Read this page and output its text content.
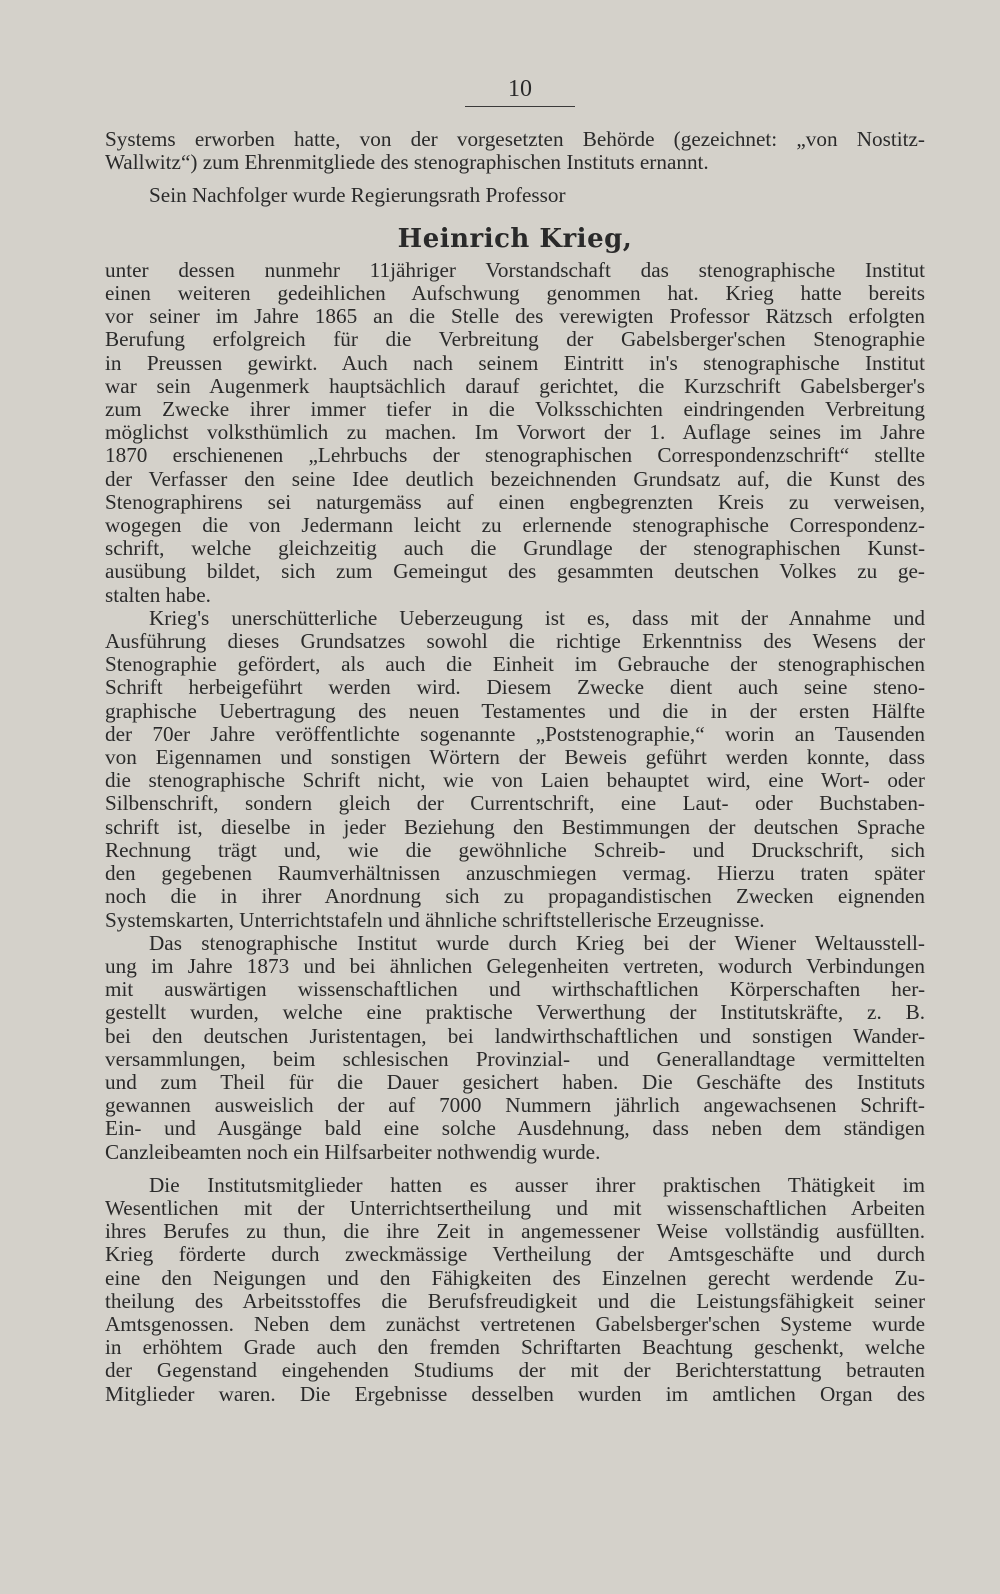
10

Systems erworben hatte, von der vorgesetzten Behörde (gezeichnet: „von Nostitz-
Wallwitz“) zum Ehrenmitgliede des stenographischen Instituts ernannt.

Sein Nachfolger wurde Regierungsrath Professor

Heinrich Krieg,

unter dessen nunmehr 11jähriger Vorstandschaft das stenographische Institut
einen weiteren gedeihlichen Aufschwung genommen hat. Krieg hatte bereits
vor seiner im Jahre 1865 an die Stelle des verewigten Professor Rätzsch erfolgten
Berufung erfolgreich für die Verbreitung der Gabelsberger'schen Stenographie
in Preussen gewirkt. Auch nach seinem Eintritt in's stenographische Institut
war sein Augenmerk hauptsächlich darauf gerichtet, die Kurzschrift Gabelsberger's
zum Zwecke ihrer immer tiefer in die Volksschichten eindringenden Verbreitung
möglichst volksthümlich zu machen. Im Vorwort der 1. Auflage seines im Jahre
1870 erschienenen „Lehrbuchs der stenographischen Correspondenzschrift“ stellte
der Verfasser den seine Idee deutlich bezeichnenden Grundsatz auf, die Kunst des
Stenographirens sei naturgemäss auf einen engbegrenzten Kreis zu verweisen,
wogegen die von Jedermann leicht zu erlernende stenographische Correspondenz-
schrift, welche gleichzeitig auch die Grundlage der stenographischen Kunst-
ausübung bildet, sich zum Gemeingut des gesammten deutschen Volkes zu ge-
stalten habe.

Krieg's unerschütterliche Ueberzeugung ist es, dass mit der Annahme und
Ausführung dieses Grundsatzes sowohl die richtige Erkenntniss des Wesens der
Stenographie gefördert, als auch die Einheit im Gebrauche der stenographischen
Schrift herbeigeführt werden wird. Diesem Zwecke dient auch seine steno-
graphische Uebertragung des neuen Testamentes und die in der ersten Hälfte
der 70er Jahre veröffentlichte sogenannte „Poststenographie,“ worin an Tausenden
von Eigennamen und sonstigen Wörtern der Beweis geführt werden konnte, dass
die stenographische Schrift nicht, wie von Laien behauptet wird, eine Wort- oder
Silbenschrift, sondern gleich der Currentschrift, eine Laut- oder Buchstaben-
schrift ist, dieselbe in jeder Beziehung den Bestimmungen der deutschen Sprache
Rechnung trägt und, wie die gewöhnliche Schreib- und Druckschrift, sich
den gegebenen Raumverhältnissen anzuschmiegen vermag. Hierzu traten später
noch die in ihrer Anordnung sich zu propagandistischen Zwecken eignenden
Systemskarten, Unterrichtstafeln und ähnliche schriftstellerische Erzeugnisse.

Das stenographische Institut wurde durch Krieg bei der Wiener Weltausstell-
ung im Jahre 1873 und bei ähnlichen Gelegenheiten vertreten, wodurch Verbindungen
mit auswärtigen wissenschaftlichen und wirthschaftlichen Körperschaften her-
gestellt wurden, welche eine praktische Verwerthung der Institutskräfte, z. B.
bei den deutschen Juristentagen, bei landwirthschaftlichen und sonstigen Wander-
versammlungen, beim schlesischen Provinzial- und Generallandtage vermittelten
und zum Theil für die Dauer gesichert haben. Die Geschäfte des Instituts
gewannen ausweislich der auf 7000 Nummern jährlich angewachsenen Schrift-
Ein- und Ausgänge bald eine solche Ausdehnung, dass neben dem ständigen
Canzleibeamten noch ein Hilfsarbeiter nothwendig wurde.

Die Institutsmitglieder hatten es ausser ihrer praktischen Thätigkeit im
Wesentlichen mit der Unterrichtsertheilung und mit wissenschaftlichen Arbeiten
ihres Berufes zu thun, die ihre Zeit in angemessener Weise vollständig ausfüllten.
Krieg förderte durch zweckmässige Vertheilung der Amtsgeschäfte und durch
eine den Neigungen und den Fähigkeiten des Einzelnen gerecht werdende Zu-
theilung des Arbeitsstoffes die Berufsfreudigkeit und die Leistungsfähigkeit seiner
Amtsgenossen. Neben dem zunächst vertretenen Gabelsberger'schen Systeme wurde
in erhöhtem Grade auch den fremden Schriftarten Beachtung geschenkt, welche
der Gegenstand eingehenden Studiums der mit der Berichterstattung betrauten
Mitglieder waren. Die Ergebnisse desselben wurden im amtlichen Organ des
